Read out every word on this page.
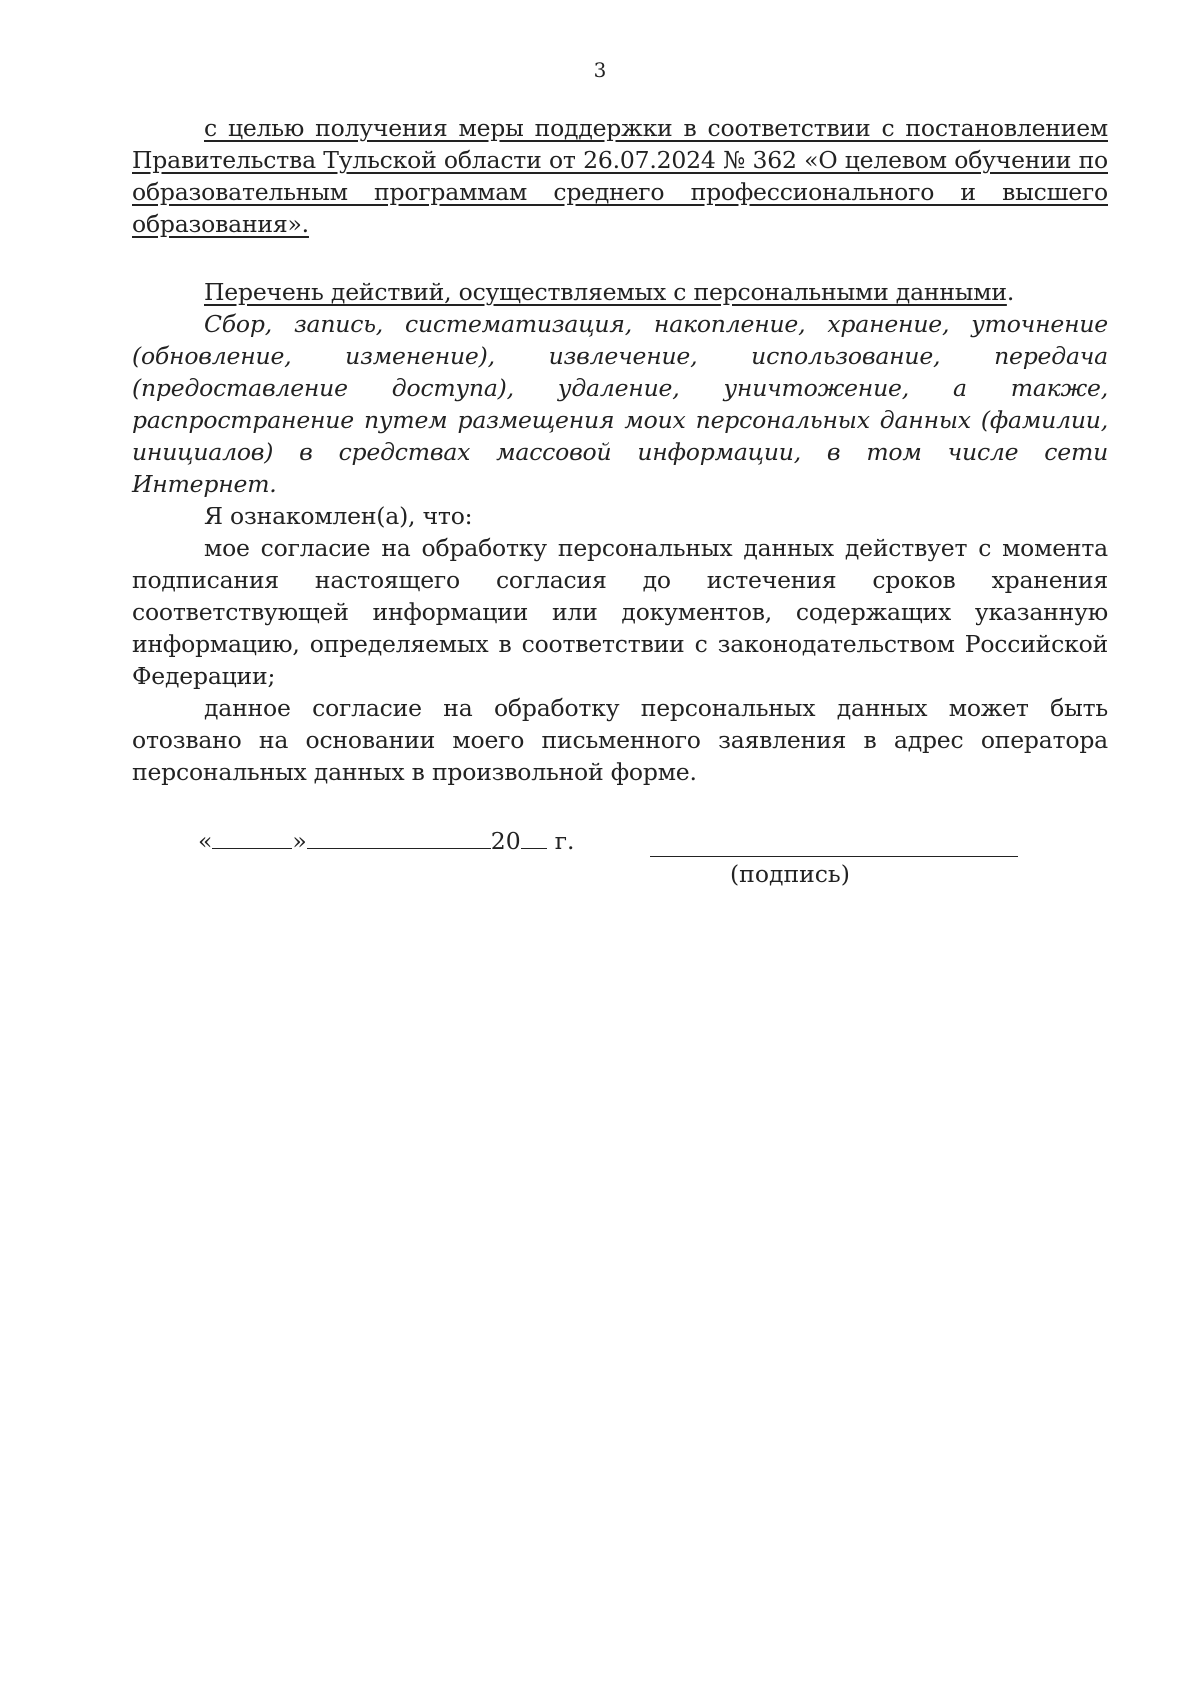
3

с целью получения меры поддержки в соответствии с постановлением Правительства Тульской области от 26.07.2024 № 362 «О целевом обучении по образовательным программам среднего профессионального и высшего образования».

Перечень действий, осуществляемых с персональными данными.

Сбор, запись, систематизация, накопление, хранение, уточнение (обновление, изменение), извлечение, использование, передача (предоставление доступа), удаление, уничтожение, а также, распространение путем размещения моих персональных данных (фамилии, инициалов) в средствах массовой информации, в том числе сети Интернет.

Я ознакомлен(а), что:

мое согласие на обработку персональных данных действует с момента подписания настоящего согласия до истечения сроков хранения соответствующей информации или документов, содержащих указанную информацию, определяемых в соответствии с законодательством Российской Федерации;

данное согласие на обработку персональных данных может быть отозвано на основании моего письменного заявления в адрес оператора персональных данных в произвольной форме.

«	»	20 г.
(подпись)
